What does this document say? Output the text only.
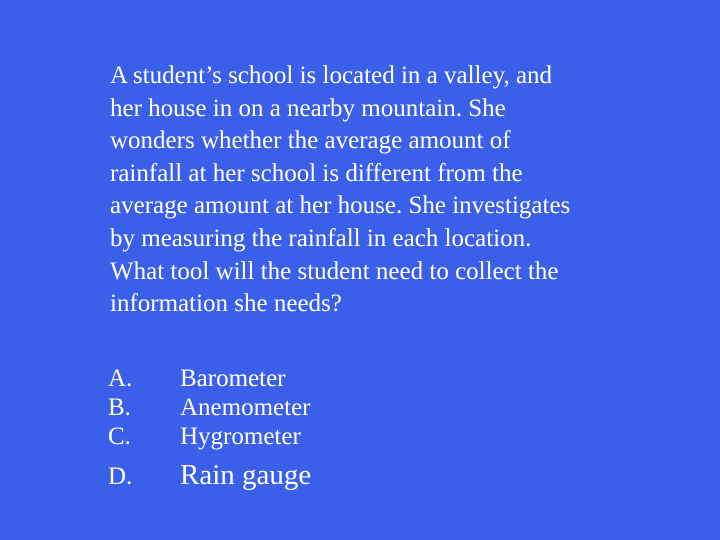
A student’s school is located in a valley, and
her house in on a nearby mountain. She
wonders whether the average amount of
rainfall at her school is different from the
average amount at her house. She investigates
by measuring the rainfall in each location.
What tool will the student need to collect the
information she needs?

A. Barometer
B. Anemometer
C. Hygrometer
D. Rain gauge
